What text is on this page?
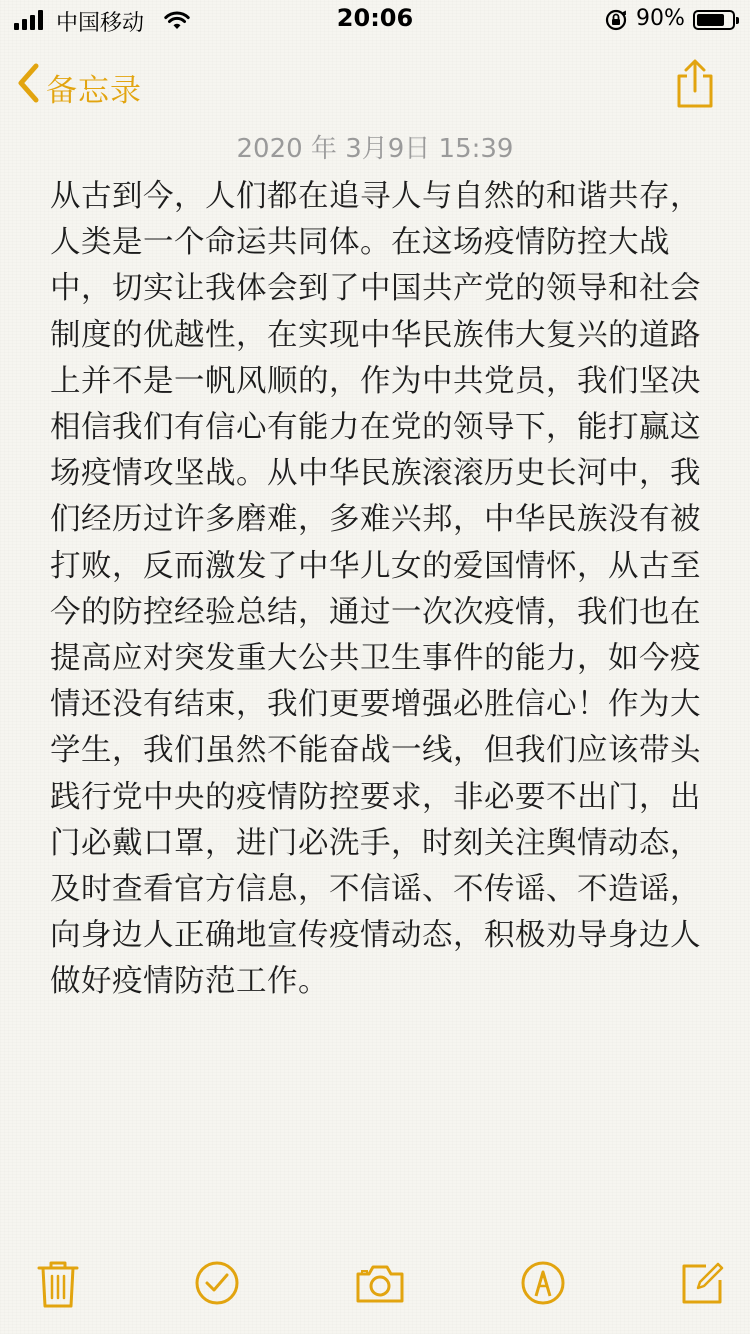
中国移动	20:06	90%
备忘录
2020 年 3月9日 15:39
从古到今，人们都在追寻人与自然的和谐共存，人类是一个命运共同体。在这场疫情防控大战中，切实让我体会到了中国共产党的领导和社会制度的优越性，在实现中华民族伟大复兴的道路上并不是一帆风顺的，作为中共党员，我们坚决相信我们有信心有能力在党的领导下，能打赢这场疫情攻坚战。从中华民族滚滚历史长河中，我们经历过许多磨难，多难兴邦，中华民族没有被打败，反而激发了中华儿女的爱国情怀，从古至今的防控经验总结，通过一次次疫情，我们也在提高应对突发重大公共卫生事件的能力，如今疫情还没有结束，我们更要增强必胜信心！作为大学生，我们虽然不能奋战一线，但我们应该带头践行党中央的疫情防控要求，非必要不出门，出门必戴口罩，进门必洗手，时刻关注舆情动态，及时查看官方信息，不信谣、不传谣、不造谣，向身边人正确地宣传疫情动态，积极劝导身边人做好疫情防范工作。
